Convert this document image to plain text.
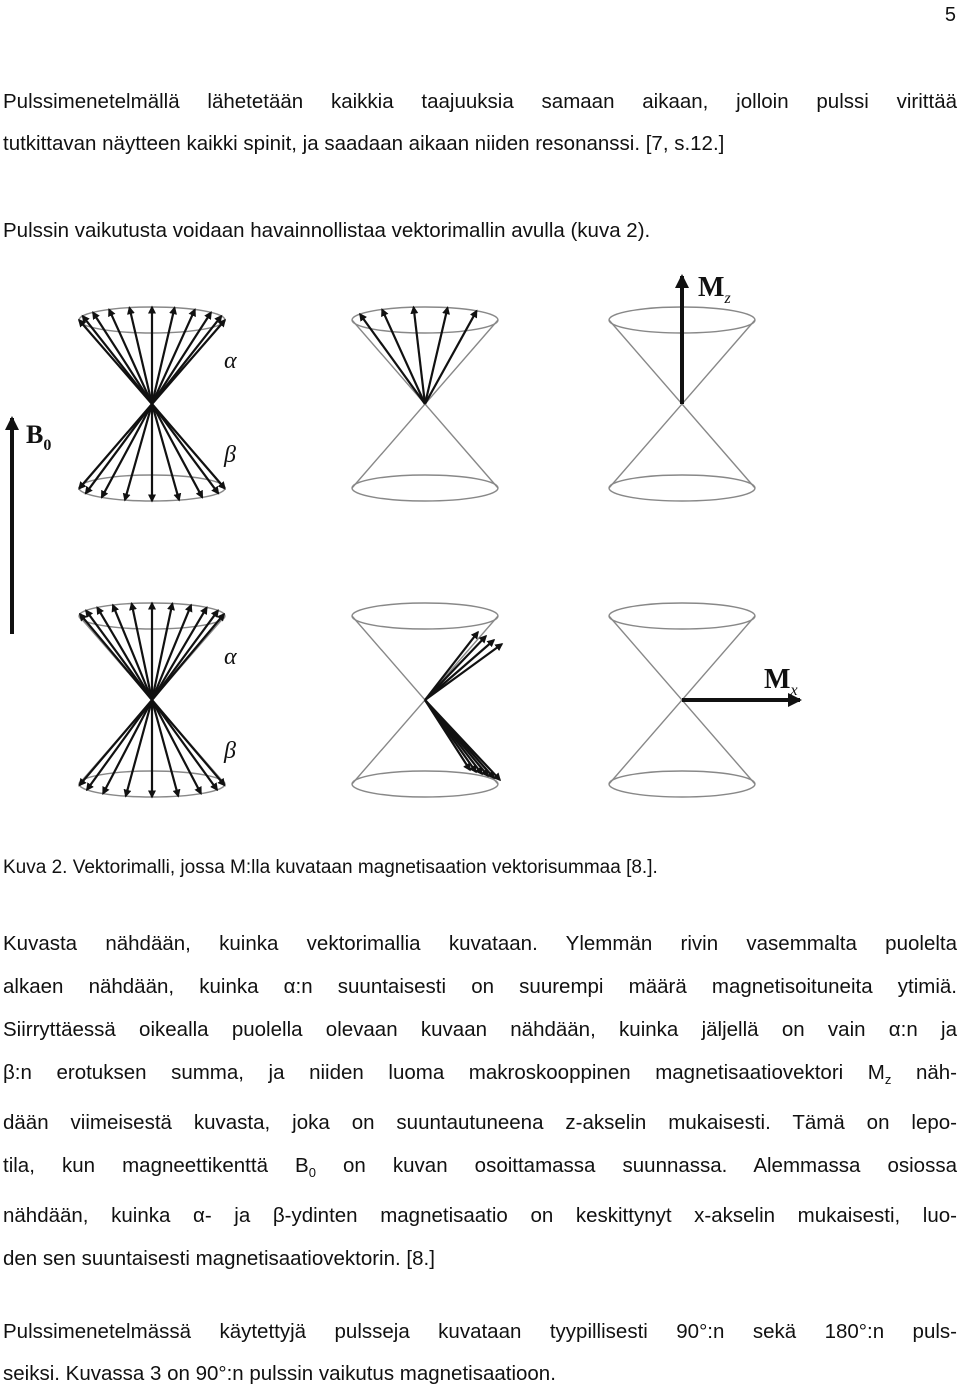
5

Pulssimenetelmällä lähetetään kaikkia taajuuksia samaan aikaan, jolloin pulssi virittää
tutkittavan näytteen kaikki spinit, ja saadaan aikaan niiden resonanssi. [7, s.12.]

Pulssin vaikutusta voidaan havainnollistaa vektorimallin avulla (kuva 2).

$B_0$
α
β
α
β
$M_z$
$M_x$

Kuva 2. Vektorimalli, jossa M:lla kuvataan magnetisaation vektorisummaa [8.].

Kuvasta nähdään, kuinka vektorimallia kuvataan. Ylemmän rivin vasemmalta puolelta
alkaen nähdään, kuinka α:n suuntaisesti on suurempi määrä magnetisoituneita ytimiä.
Siirryttäessä oikealla puolella olevaan kuvaan nähdään, kuinka jäljellä on vain α:n ja
β:n erotuksen summa, ja niiden luoma makroskooppinen magnetisaatiovektori $M_z$ näh-
dään viimeisestä kuvasta, joka on suuntautuneena z-akselin mukaisesti. Tämä on lepo-
tila, kun magneettikenttä $B_0$ on kuvan osoittamassa suunnassa. Alemmassa osiossa
nähdään, kuinka α- ja β-ydinten magnetisaatio on keskittynyt x-akselin mukaisesti, luo-
den sen suuntaisesti magnetisaatiovektorin. [8.]

Pulssimenetelmässä käytettyjä pulsseja kuvataan tyypillisesti 90°:n sekä 180°:n puls-
seiksi. Kuvassa 3 on 90°:n pulssin vaikutus magnetisaatioon.
